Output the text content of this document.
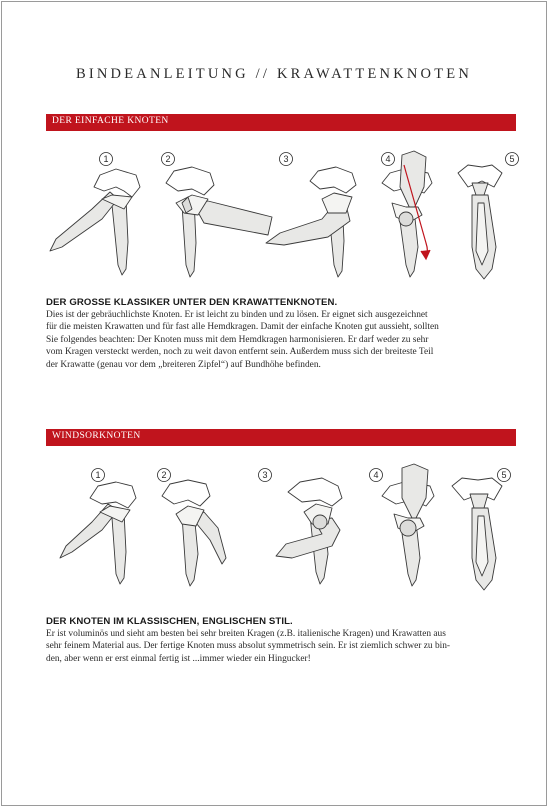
BINDEANLEITUNG // KRAWATTENKNOTEN
DER EINFACHE KNOTEN
1	2	3	4	5
DER GROSSE KLASSIKER UNTER DEN KRAWATTENKNOTEN.
Dies ist der gebräuchlichste Knoten. Er ist leicht zu binden und zu lösen. Er eignet sich ausgezeichnet
für die meisten Krawatten und für fast alle Hemdkragen. Damit der einfache Knoten gut aussieht, sollten
Sie folgendes beachten: Der Knoten muss mit dem Hemdkragen harmonisieren. Er darf weder zu sehr
vom Kragen versteckt werden, noch zu weit davon entfernt sein. Außerdem muss sich der breiteste Teil
der Krawatte (genau vor dem „breiteren Zipfel“) auf Bundhöhe befinden.
WINDSORKNOTEN
1	2	3	4	5
DER KNOTEN IM KLASSISCHEN, ENGLISCHEN STIL.
Er ist voluminös und sieht am besten bei sehr breiten Kragen (z.B. italienische Kragen) und Krawatten aus
sehr feinem Material aus. Der fertige Knoten muss absolut symmetrisch sein. Er ist ziemlich schwer zu bin-
den, aber wenn er erst einmal fertig ist ...immer wieder ein Hingucker!
